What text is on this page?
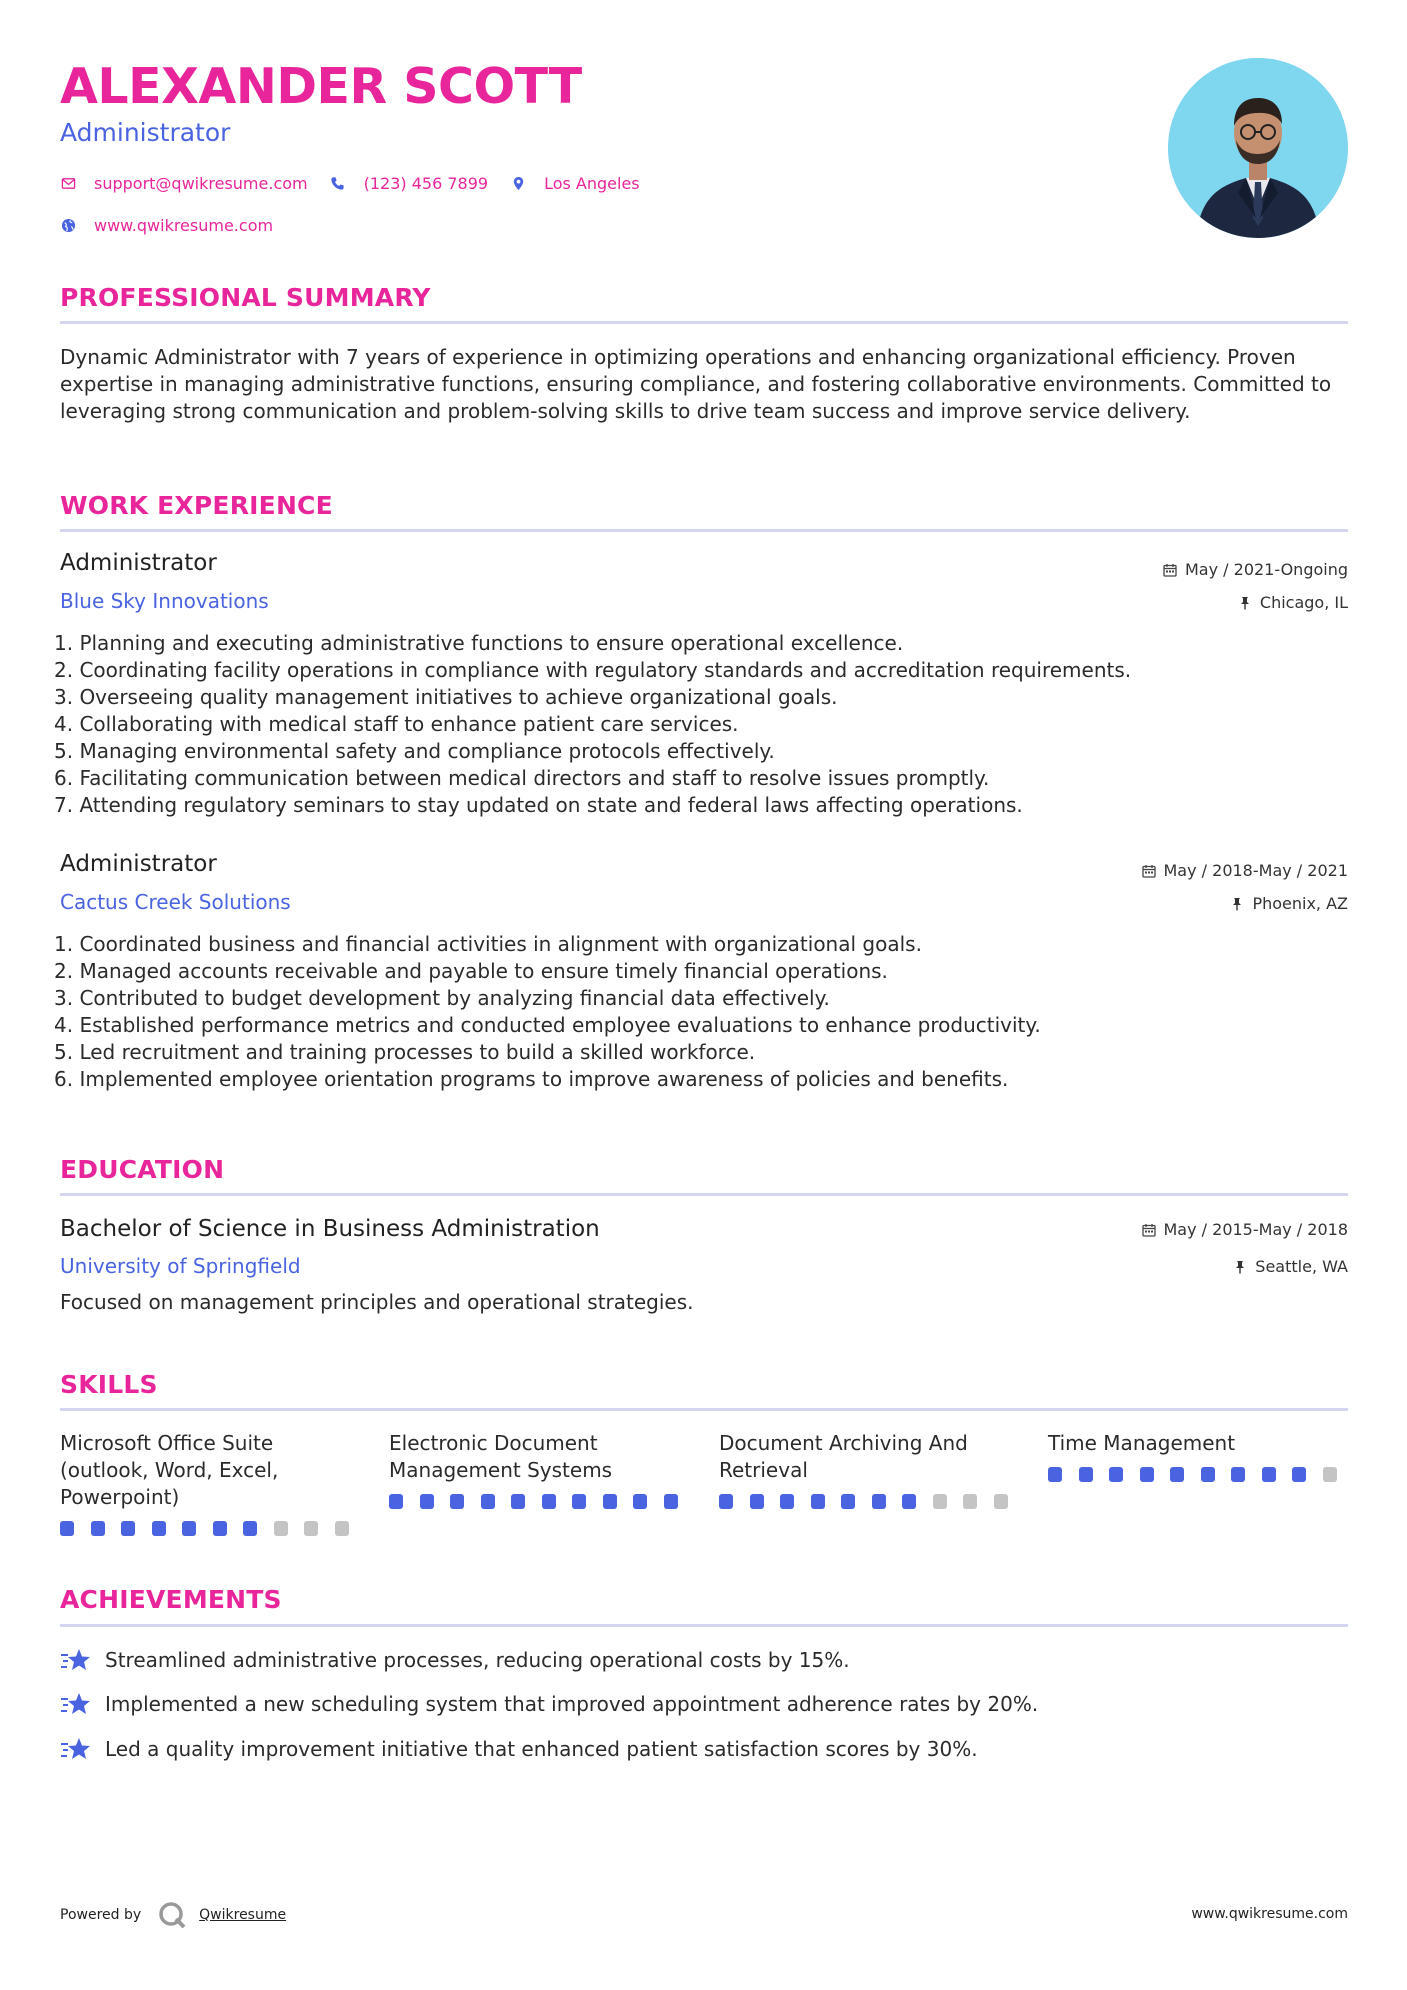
ALEXANDER SCOTT
Administrator
support@qwikresume.com	(123) 456 7899	Los Angeles
www.qwikresume.com
PROFESSIONAL SUMMARY
Dynamic Administrator with 7 years of experience in optimizing operations and enhancing organizational efficiency. Proven expertise in managing administrative functions, ensuring compliance, and fostering collaborative environments. Committed to leveraging strong communication and problem-solving skills to drive team success and improve service delivery.
WORK EXPERIENCE
Administrator
Blue Sky Innovations
May / 2021-Ongoing
Chicago, IL
1. Planning and executing administrative functions to ensure operational excellence.
2. Coordinating facility operations in compliance with regulatory standards and accreditation requirements.
3. Overseeing quality management initiatives to achieve organizational goals.
4. Collaborating with medical staff to enhance patient care services.
5. Managing environmental safety and compliance protocols effectively.
6. Facilitating communication between medical directors and staff to resolve issues promptly.
7. Attending regulatory seminars to stay updated on state and federal laws affecting operations.
Administrator
Cactus Creek Solutions
May / 2018-May / 2021
Phoenix, AZ
1. Coordinated business and financial activities in alignment with organizational goals.
2. Managed accounts receivable and payable to ensure timely financial operations.
3. Contributed to budget development by analyzing financial data effectively.
4. Established performance metrics and conducted employee evaluations to enhance productivity.
5. Led recruitment and training processes to build a skilled workforce.
6. Implemented employee orientation programs to improve awareness of policies and benefits.
EDUCATION
Bachelor of Science in Business Administration
University of Springfield
May / 2015-May / 2018
Seattle, WA
Focused on management principles and operational strategies.
SKILLS
Microsoft Office Suite (outlook, Word, Excel, Powerpoint)
Electronic Document Management Systems
Document Archiving And Retrieval
Time Management
ACHIEVEMENTS
Streamlined administrative processes, reducing operational costs by 15%.
Implemented a new scheduling system that improved appointment adherence rates by 20%.
Led a quality improvement initiative that enhanced patient satisfaction scores by 30%.
Powered by	Qwikresume	www.qwikresume.com
